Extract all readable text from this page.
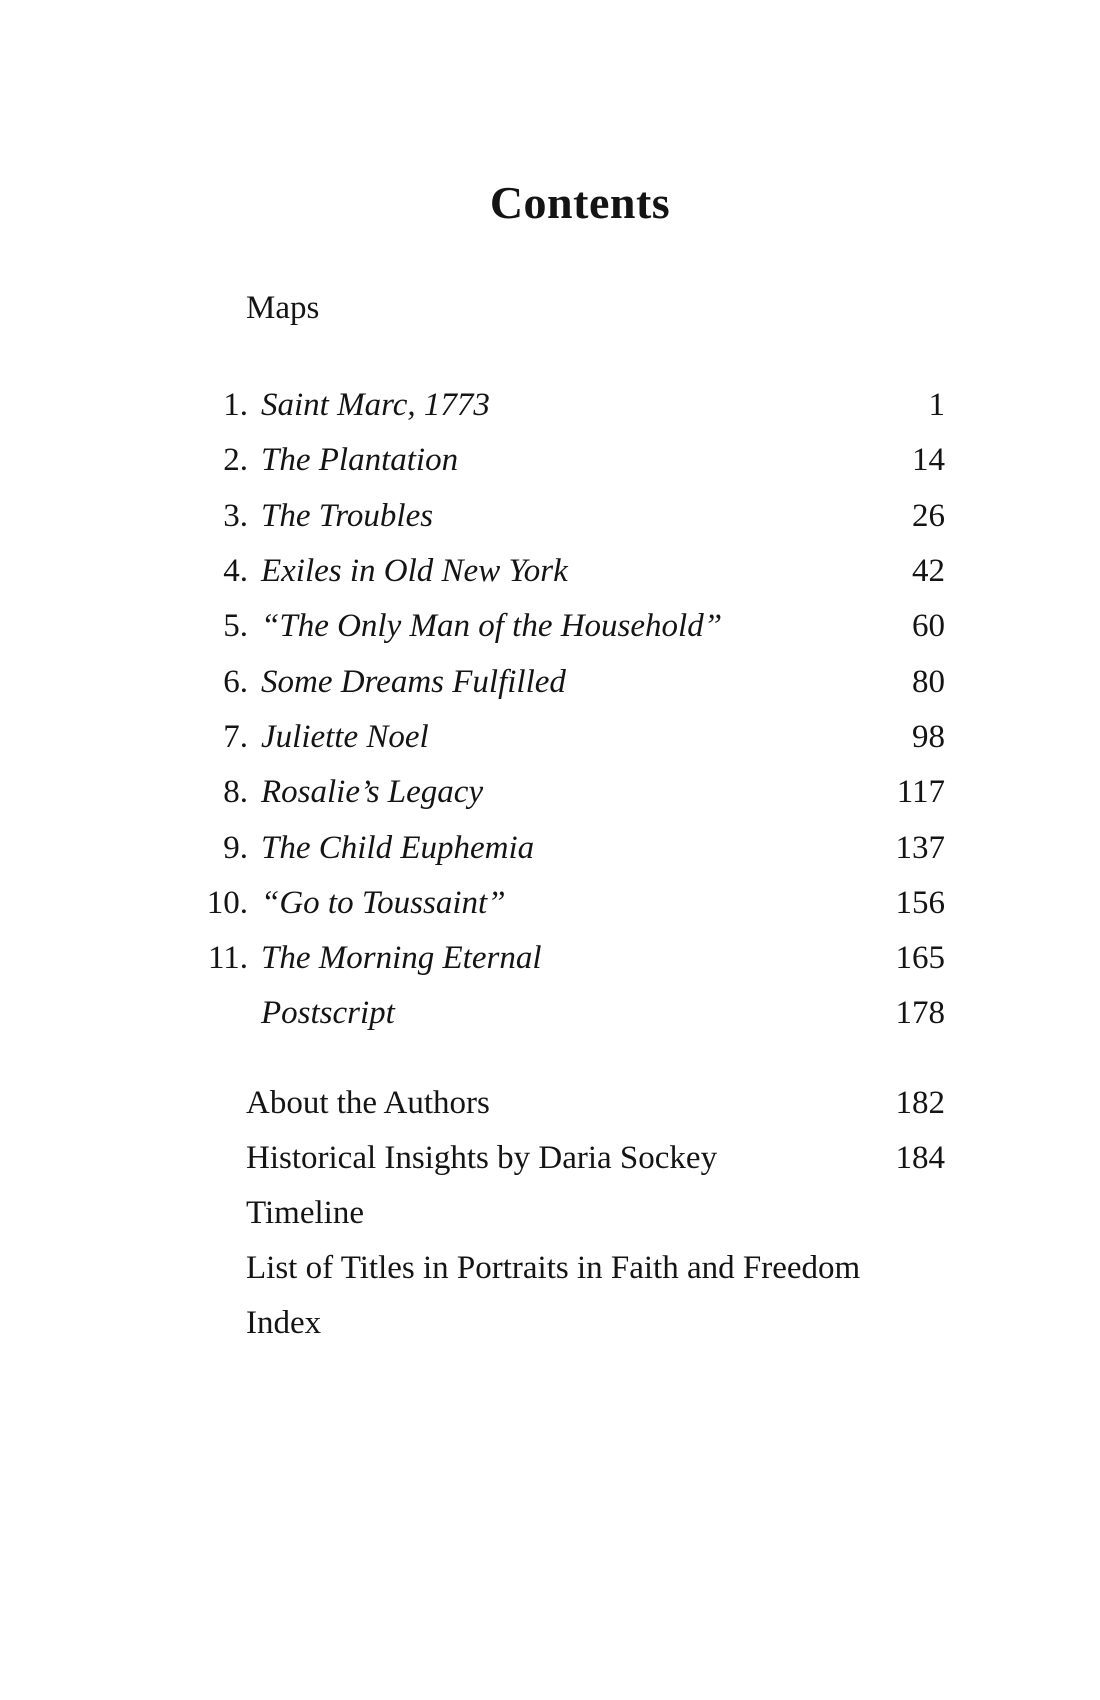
Contents
Maps
1. Saint Marc, 1773	1
2. The Plantation	14
3. The Troubles	26
4. Exiles in Old New York	42
5. “The Only Man of the Household”	60
6. Some Dreams Fulfilled	80
7. Juliette Noel	98
8. Rosalie’s Legacy	117
9. The Child Euphemia	137
10. “Go to Toussaint”	156
11. The Morning Eternal	165
Postscript	178
About the Authors	182
Historical Insights by Daria Sockey	184
Timeline
List of Titles in Portraits in Faith and Freedom
Index
